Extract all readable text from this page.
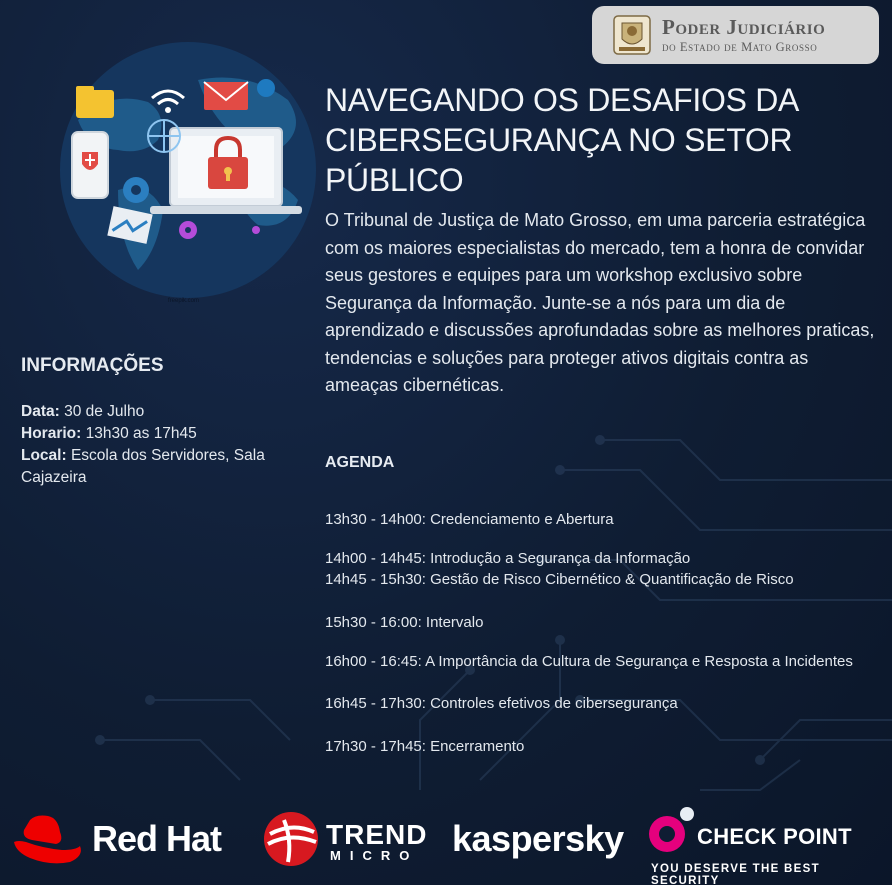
Poder Judiciário
do Estado de Mato Grosso
freepik.com
NAVEGANDO OS DESAFIOS DA CIBERSEGURANÇA NO SETOR PÚBLICO
O Tribunal de Justiça de Mato Grosso, em uma parceria estratégica com os maiores especialistas do mercado, tem a honra de convidar seus gestores e equipes para um workshop exclusivo sobre Segurança da Informação. Junte-se a nós para um dia de aprendizado e discussões aprofundadas sobre as melhores praticas, tendencias e soluções para proteger ativos digitais contra as ameaças cibernéticas.
INFORMAÇÕES
Data: 30 de Julho
Horario: 13h30 as 17h45
Local: Escola dos Servidores, Sala Cajazeira
AGENDA
13h30 - 14h00: Credenciamento e Abertura
14h00 - 14h45: Introdução a Segurança da Informação
14h45 - 15h30: Gestão de Risco Cibernético & Quantificação de Risco
15h30 - 16:00: Intervalo
16h00 - 16:45: A Importância da Cultura de Segurança e Resposta a Incidentes
16h45 - 17h30: Controles efetivos de cibersegurança
17h30 - 17h45: Encerramento
Red Hat	TREND
MICRO kaspersky	CHECK POINT
YOU DESERVE THE BEST SECURITY
